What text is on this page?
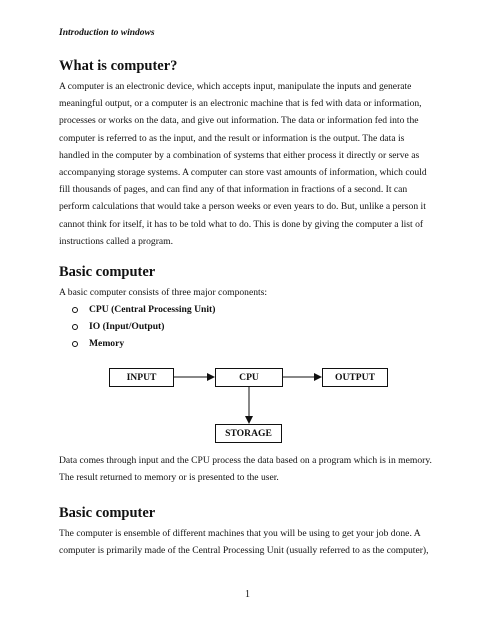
Introduction to windows
What is computer?
A computer is an electronic device, which accepts input, manipulate the inputs and generate
meaningful output, or a computer is an electronic machine that is fed with data or information,
processes or works on the data, and give out information. The data or information fed into the
computer is referred to as the input, and the result or information is the output. The data is
handled in the computer by a combination of systems that either process it directly or serve as
accompanying storage systems. A computer can store vast amounts of information, which could
fill thousands of pages, and can find any of that information in fractions of a second. It can
perform calculations that would take a person weeks or even years to do. But, unlike a person it
cannot think for itself, it has to be told what to do. This is done by giving the computer a list of
instructions called a program.
Basic computer
A basic computer consists of three major components:
CPU (Central Processing Unit)
IO (Input/Output)
Memory
INPUT	CPU	OUTPUT
STORAGE
Data comes through input and the CPU process the data based on a program which is in memory.
The result returned to memory or is presented to the user.
Basic computer
The computer is ensemble of different machines that you will be using to get your job done. A
computer is primarily made of the Central Processing Unit (usually referred to as the computer),
1
